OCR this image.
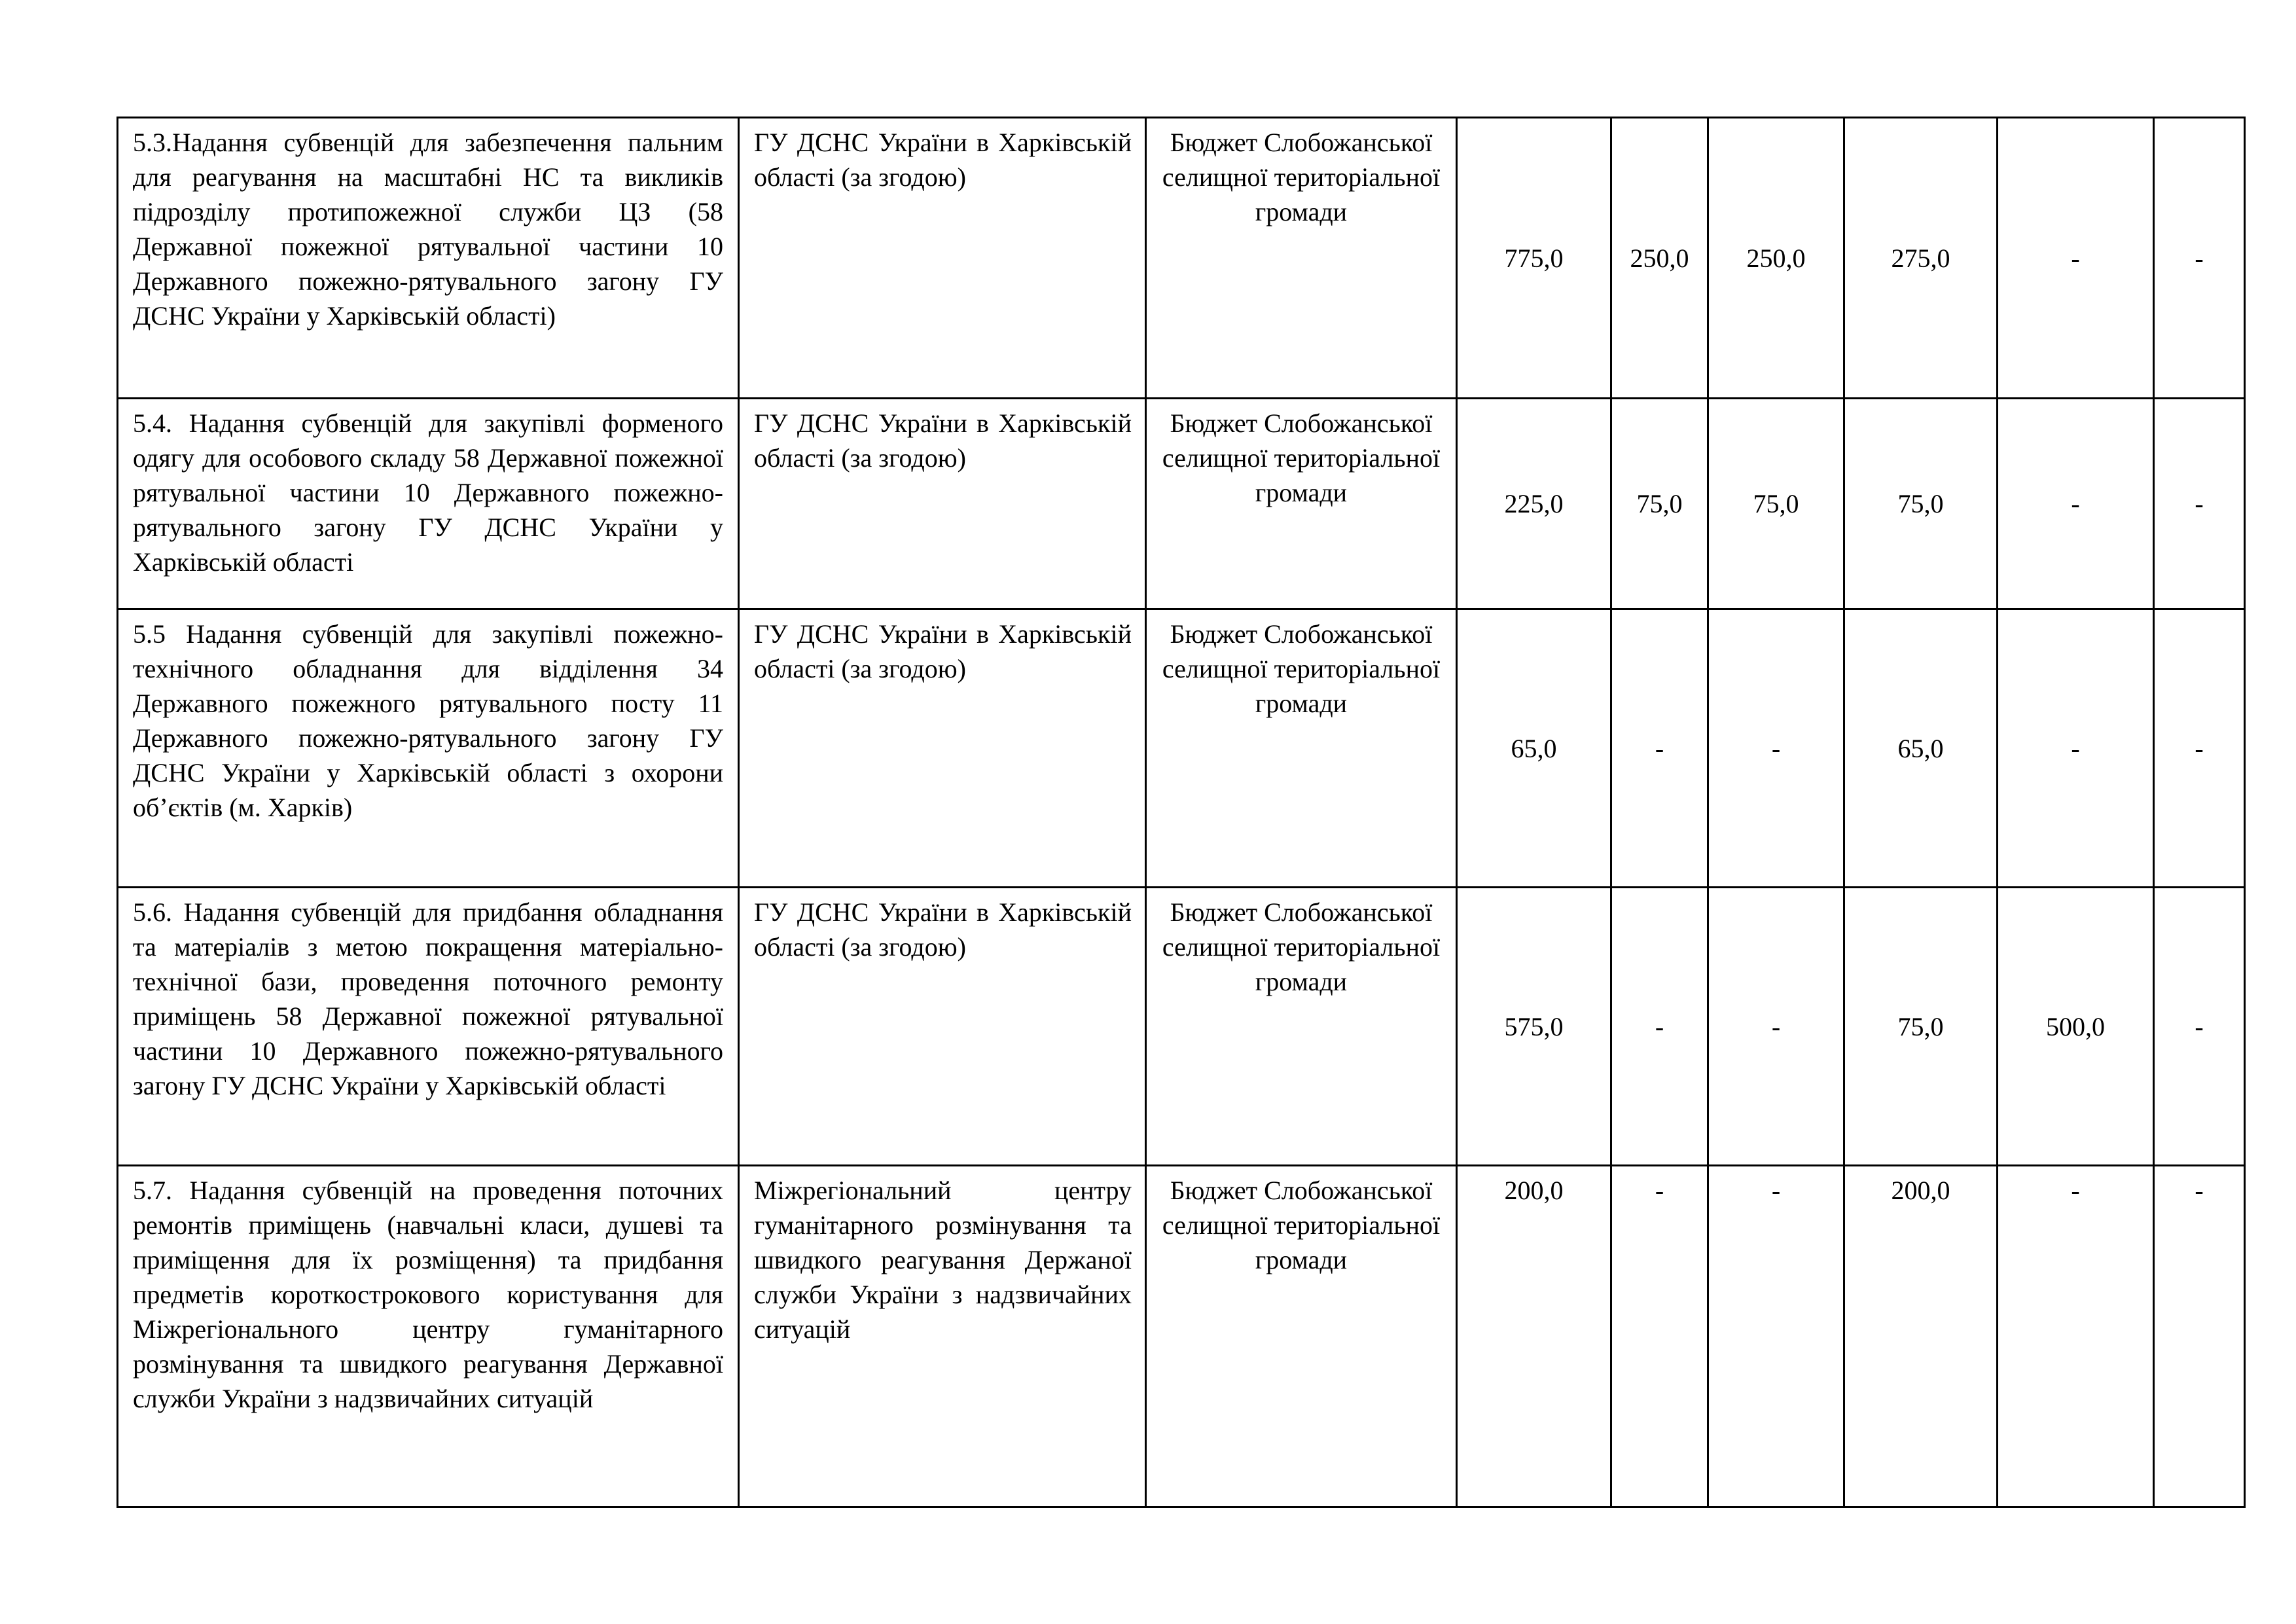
5.3.Надання субвенцій для забезпечення пальним для реагування на масштабні НС та викликів підрозділу протипожежної служби ЦЗ (58 Державної пожежної рятувальної частини 10 Державного пожежно-рятувального загону ГУ ДСНС України у Харківській області)	ГУ ДСНС України в Харківській області (за згодою)	Бюджет Слобожанської селищної територіальної громади	775,0	250,0	250,0	275,0	-	-
5.4. Надання субвенцій для закупівлі форменого одягу для особового складу 58 Державної пожежної рятувальної частини 10 Державного пожежно-рятувального загону ГУ ДСНС України у Харківській області	ГУ ДСНС України в Харківській області (за згодою)	Бюджет Слобожанської селищної територіальної громади	225,0	75,0	75,0	75,0	-	-
5.5 Надання субвенцій для закупівлі пожежно-технічного обладнання для відділення 34 Державного пожежного рятувального посту 11 Державного пожежно-рятувального загону ГУ ДСНС України у Харківській області з охорони об’єктів (м. Харків)	ГУ ДСНС України в Харківській області (за згодою)	Бюджет Слобожанської селищної територіальної громади	65,0	-	-	65,0	-	-
5.6. Надання субвенцій для придбання обладнання та матеріалів з метою покращення матеріально-технічної бази, проведення поточного ремонту приміщень 58 Державної пожежної рятувальної частини 10 Державного пожежно-рятувального загону ГУ ДСНС України у Харківській області	ГУ ДСНС України в Харківській області (за згодою)	Бюджет Слобожанської селищної територіальної громади	575,0	-	-	75,0	500,0	-
5.7. Надання субвенцій на проведення поточних ремонтів приміщень (навчальні класи, душеві та приміщення для їх розміщення) та придбання предметів короткострокового користування для Міжрегіонального центру гуманітарного розмінування та швидкого реагування Державної служби України з надзвичайних ситуацій	Міжрегіональний центру гуманітарного розмінування та швидкого реагування Держаної служби України з надзвичайних ситуацій	Бюджет Слобожанської селищної територіальної громади	200,0	-	-	200,0	-	-
